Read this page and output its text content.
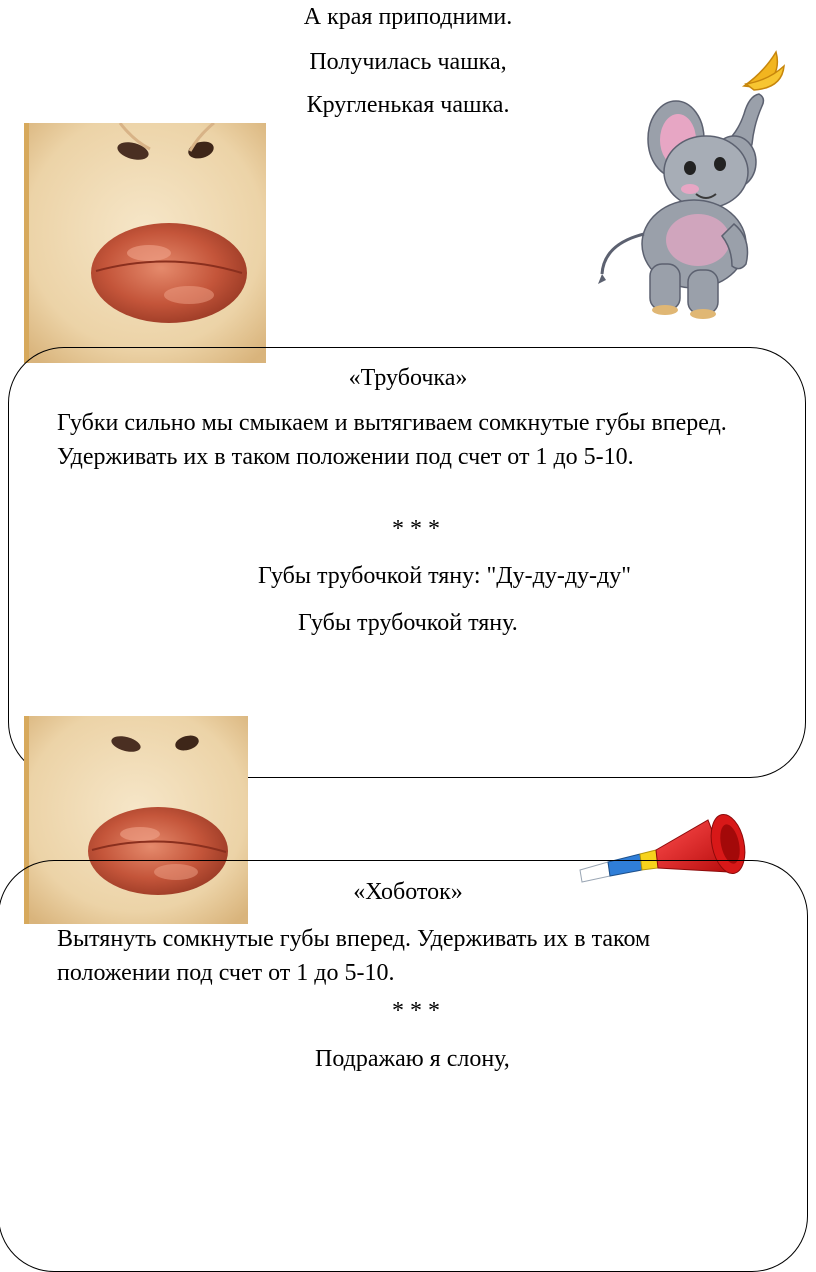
А края приподними.
Получилась чашка,
Кругленькая чашка.
«Трубочка»
Губки сильно мы смыкаем и вытягиваем сомкнутые губы вперед. Удерживать их в таком положении под счет от 1 до 5-10.
* * *
Губы трубочкой тяну: "Ду-ду-ду-ду"
Губы трубочкой тяну.
«Хоботок»
Вытянуть сомкнутые губы вперед. Удерживать их в таком положении под счет от 1 до 5-10.
* * *
Подражаю я слону,
